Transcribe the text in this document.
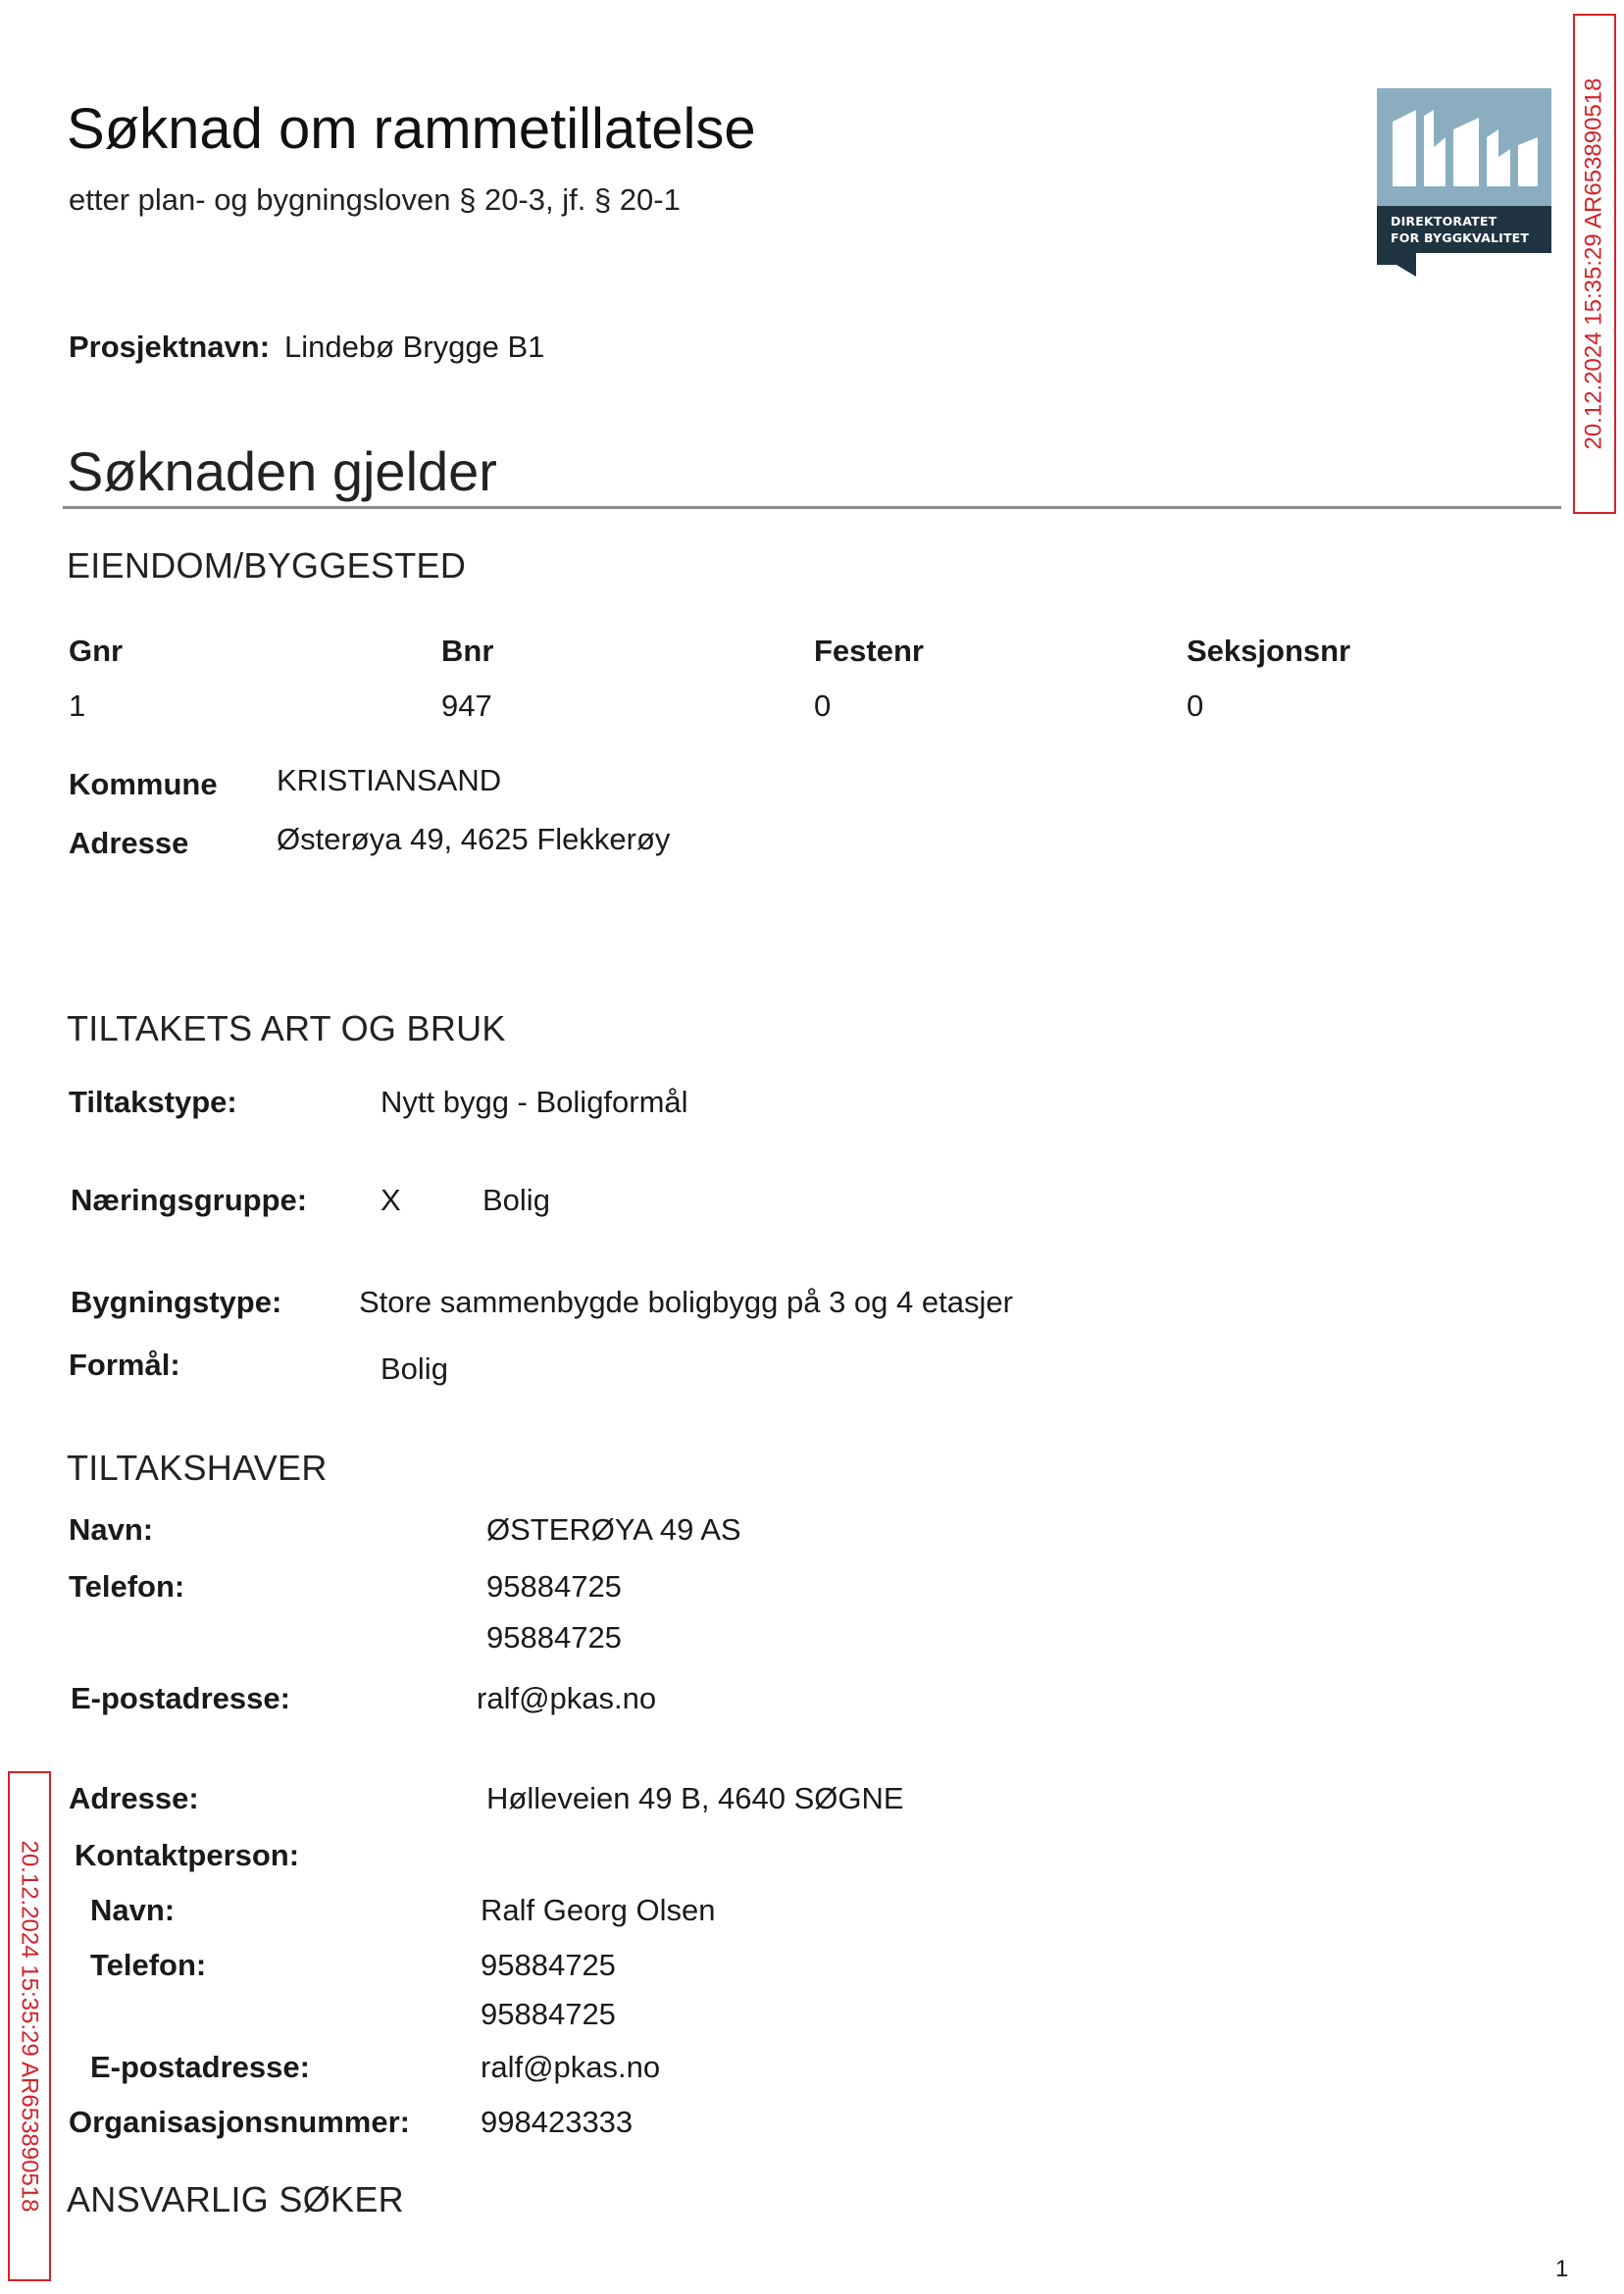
Søknad om rammetillatelse
etter plan- og bygningsloven § 20-3, jf. § 20-1
DIREKTORATET
FOR BYGGKVALITET
Prosjektnavn: Lindebø Brygge B1
Søknaden gjelder
EIENDOM/BYGGESTED
Gnr	Bnr	Festenr	Seksjonsnr
1	947	0	0
Kommune KRISTIANSAND
Adresse	Østerøya 49, 4625 Flekkerøy
TILTAKETS ART OG BRUK
Tiltakstype:	Nytt bygg - Boligformål
Næringsgruppe: X	Bolig
Bygningstype:	Store sammenbygde boligbygg på 3 og 4 etasjer
Formål:	Bolig
TILTAKSHAVER
Navn:	ØSTERØYA 49 AS
Telefon:	95884725
95884725
E-postadresse:	ralf@pkas.no
Adresse:	Hølleveien 49 B, 4640 SØGNE
Kontaktperson:
Navn:	Ralf Georg Olsen
Telefon:	95884725
95884725
E-postadresse:	ralf@pkas.no
Organisasjonsnummer: 998423333
ANSVARLIG SØKER
1
20.12.2024 15:35:29 AR653890518
20.12.2024 15:35:29 AR653890518
